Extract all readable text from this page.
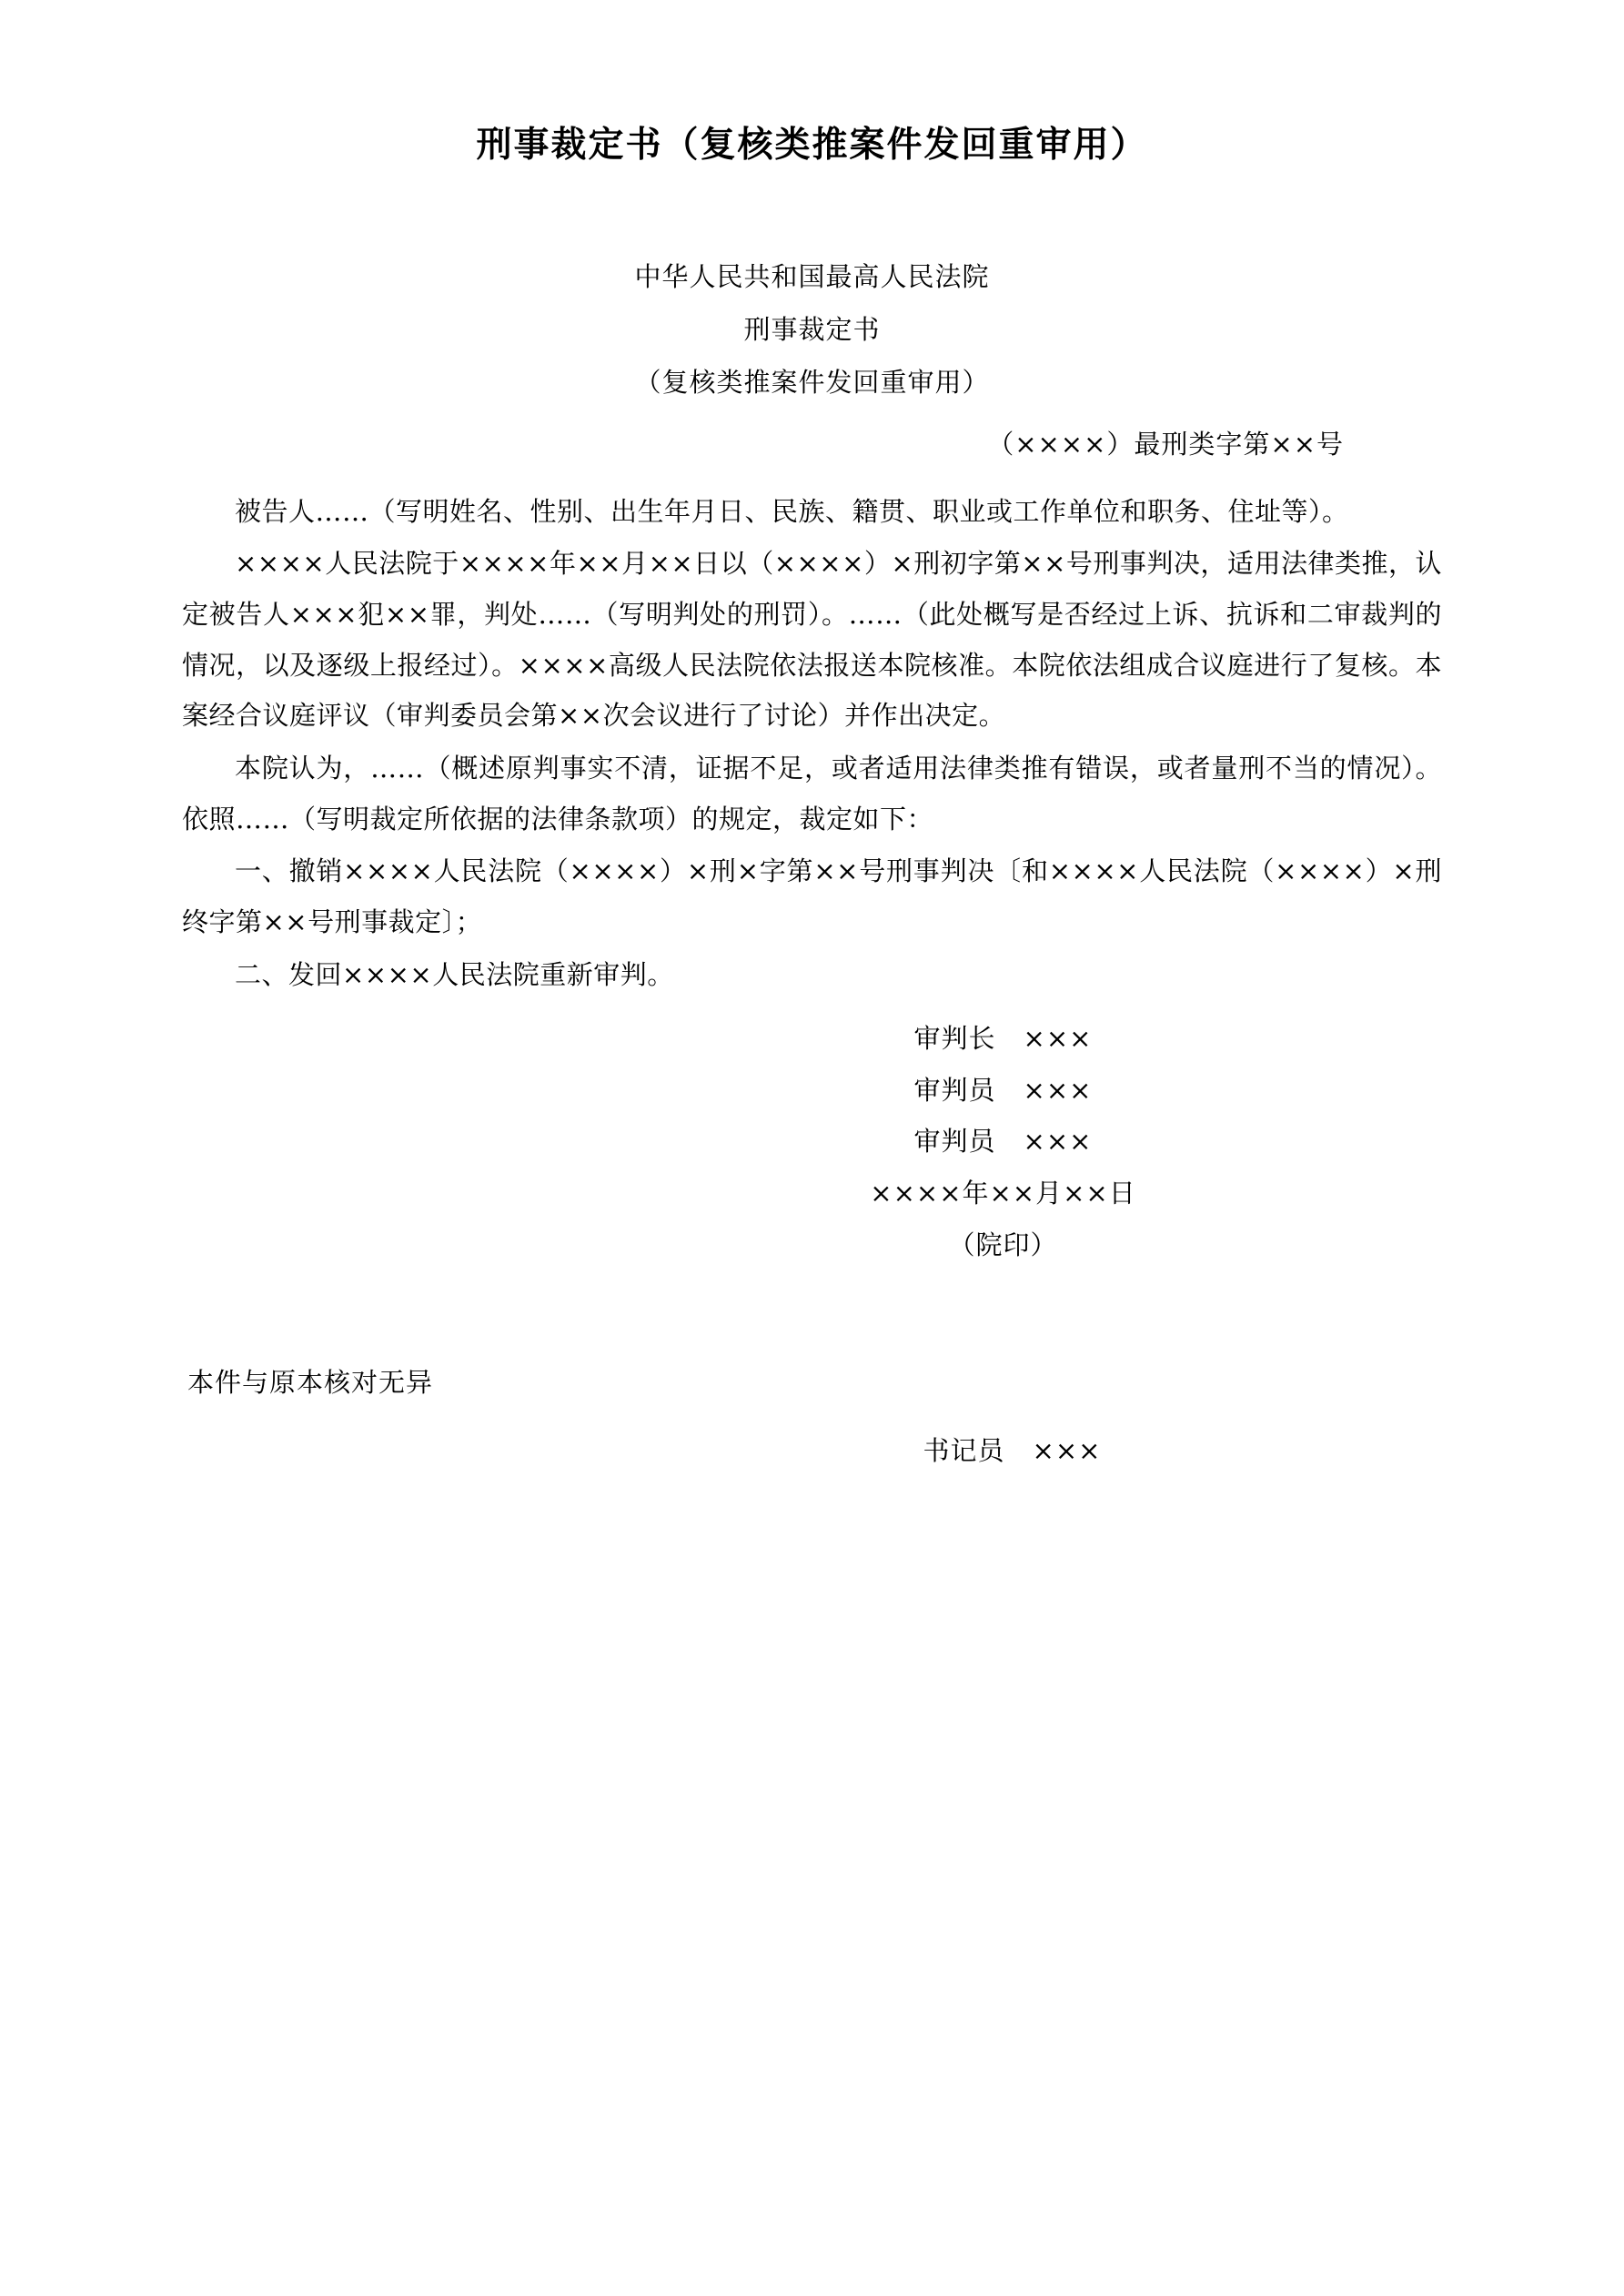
刑事裁定书（复核类推案件发回重审用）
中华人民共和国最高人民法院
刑事裁定书
（复核类推案件发回重审用）
（××××）最刑类字第××号

被告人……（写明姓名、性别、出生年月日、民族、籍贯、职业或工作单位和职务、住址等）。

××××人民法院于××××年××月××日以（××××）×刑初字第××号刑事判决，适用法律类推，认定被告人×××犯××罪，判处……（写明判处的刑罚）。……（此处概写是否经过上诉、抗诉和二审裁判的情况，以及逐级上报经过）。××××高级人民法院依法报送本院核准。本院依法组成合议庭进行了复核。本案经合议庭评议（审判委员会第××次会议进行了讨论）并作出决定。

本院认为，……（概述原判事实不清，证据不足，或者适用法律类推有错误，或者量刑不当的情况）。依照……（写明裁定所依据的法律条款项）的规定，裁定如下：

一、撤销××××人民法院（××××）×刑×字第××号刑事判决〔和××××人民法院（××××）×刑终字第××号刑事裁定〕；

二、发回××××人民法院重新审判。

审判长　×××
审判员　×××
审判员　×××
××××年××月××日
（院印）
本件与原本核对无异
书记员　×××
